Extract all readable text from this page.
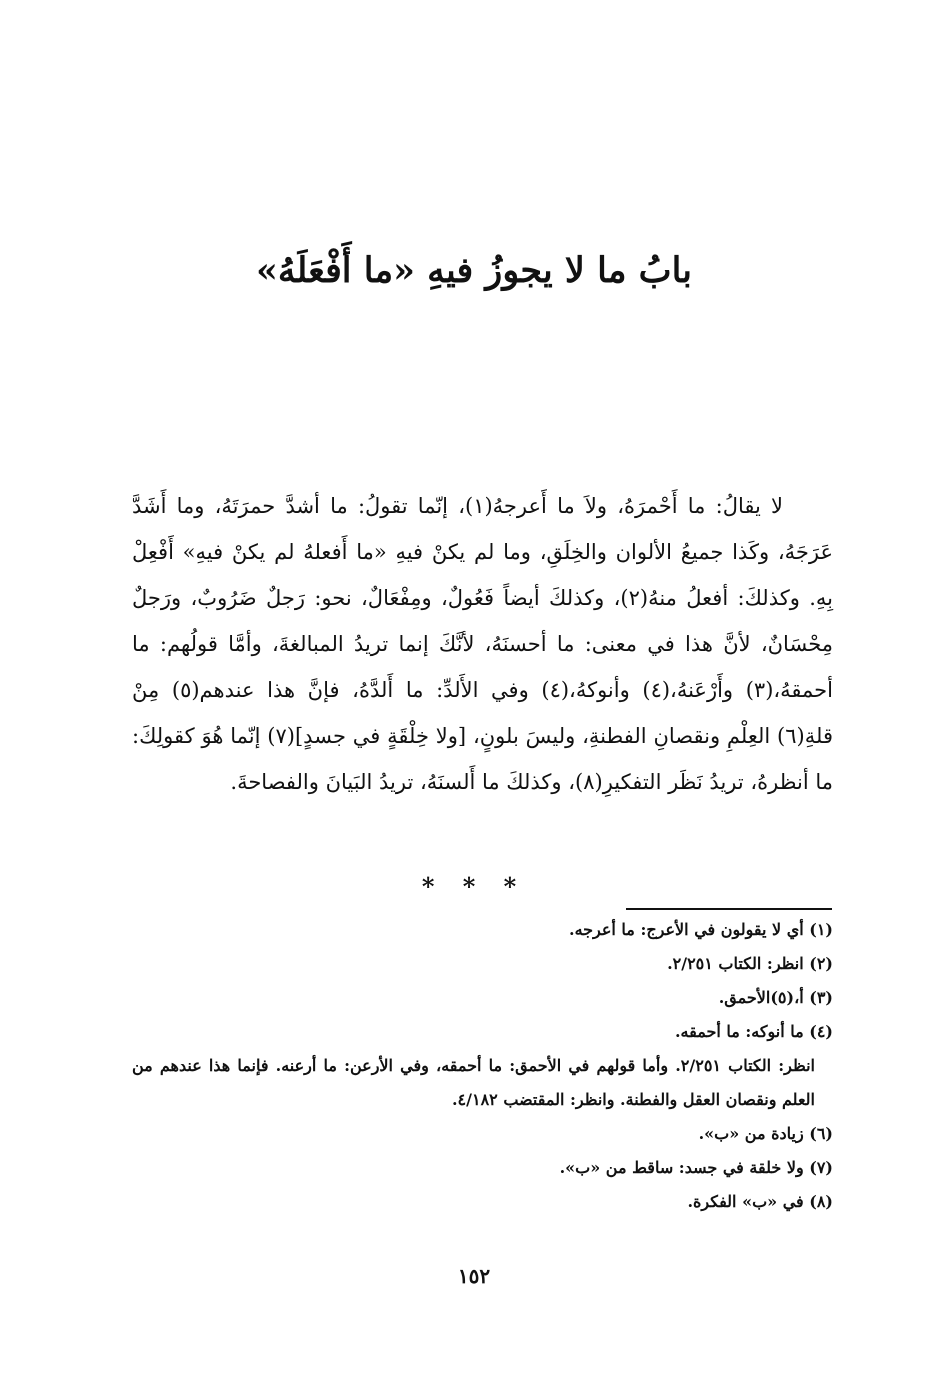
بابُ ما لا يجوزُ فيهِ «ما أَفْعَلَهُ»

لا يقالُ: ما أَحْمرَهُ، ولاَ ما أَعرجهُ(١)، إنّما تقولُ: ما أشدَّ حمرَتَهُ، وما أَشَدَّ عَرَجَهُ، وكَذا جميعُ الألوان والخِلَقِ، وما لم يكنْ فيهِ «ما أَفعلهُ لم يكنْ فيهِ» أَفْعِلْ بِهِ. وكذلكَ: أفعلُ منهُ(٢)، وكذلكَ أيضاً فَعُولٌ، ومِفْعَالٌ، نحو: رَجلٌ ضَرُوبٌ، ورَجلٌ مِحْسَانٌ، لأنَّ هذا في معنى: ما أحسنَهُ، لأنَّكَ إنما تريدُ المبالغةَ، وأمَّا قولُهم: ما أحمقهُ،(٣) وأَرْعَنهُ،(٤) وأنوكهُ،(٤) وفي الأَلدِّ: ما أَلدَّهُ، فإنَّ هذا عندهم(٥) مِنْ قلةِ(٦) العِلْمِ ونقصانِ الفطنةِ، وليسَ بلونٍ، [ولا خِلْقَةٍ في جسدٍ](٧) إنّما هُوَ كقولِكَ: ما أنظرهُ، تريدُ نَظَر التفكيرِ(٨)، وكذلكَ ما أَلسنَهُ، تريدُ البَيانَ والفصاحةَ.

* * *

(١) أي لا يقولون في الأعرج: ما أعرجه.

(٢) انظر: الكتاب ٢/٢٥١.

(٣) أ،(٥)الأحمق.

(٤) ما أنوكه: ما أحمقه.

انظر: الكتاب ٢/٢٥١. وأما قولهم في الأحمق: ما أحمقه، وفي الأرعن: ما أرعنه. فإنما هذا عندهم من العلم ونقصان العقل والفطنة. وانظر: المقتضب ٤/١٨٢.

(٦) زيادة من «ب».

(٧) ولا خلقة في جسد: ساقط من «ب».

(٨) في «ب» الفكرة.

١٥٢
